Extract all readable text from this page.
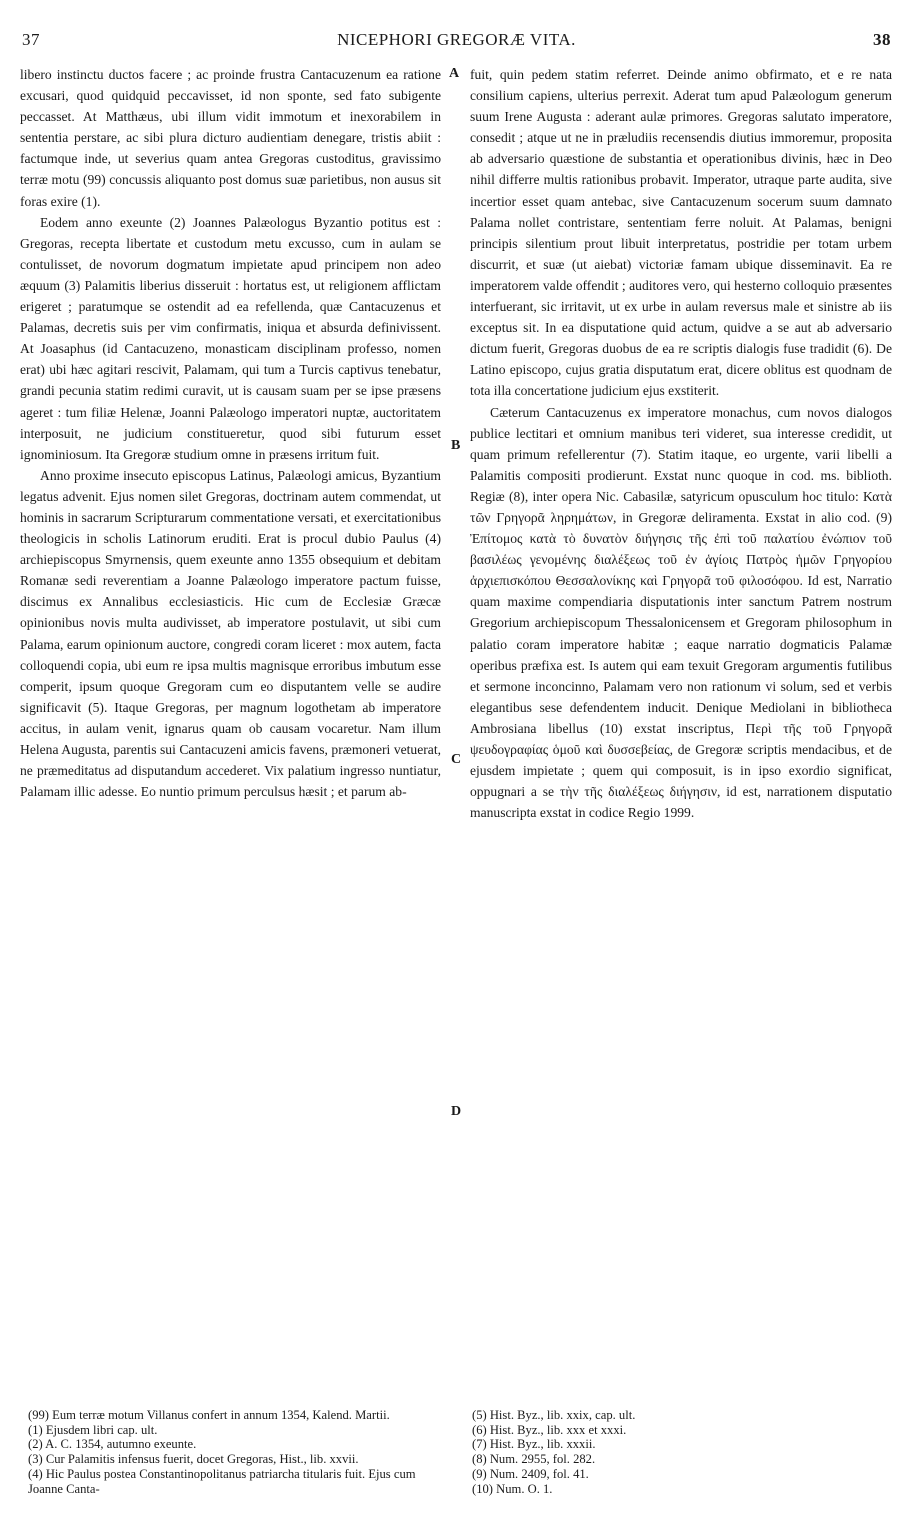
37	NICEPHORI GREGORÆ VITA.	38
A
B
C
D

libero instinctu ductos facere ; ac proinde frustra Cantacuzenum ea ratione excusari, quod quidquid peccavisset, id non sponte, sed fato subigente peccasset. At Matthæus, ubi illum vidit immotum et inexorabilem in sententia perstare, ac sibi plura dicturo audientiam denegare, tristis abiit : factumque inde, ut severius quam antea Gregoras custoditus, gravissimo terræ motu (99) concussis aliquanto post domus suæ parietibus, non ausus sit foras exire (1).

Eodem anno exeunte (2) Joannes Palæologus Byzantio potitus est : Gregoras, recepta libertate et custodum metu excusso, cum in aulam se contulisset, de novorum dogmatum impietate apud principem non adeo æquum (3) Palamitis liberius disseruit : hortatus est, ut religionem afflictam erigeret ; paratumque se ostendit ad ea refellenda, quæ Cantacuzenus et Palamas, decretis suis per vim confirmatis, iniqua et absurda definivissent. At Joasaphus (id Cantacuzeno, monasticam disciplinam professo, nomen erat) ubi hæc agitari rescivit, Palamam, qui tum a Turcis captivus tenebatur, grandi pecunia statim redimi curavit, ut is causam suam per se ipse præsens ageret : tum filiæ Helenæ, Joanni Palæologo imperatori nuptæ, auctoritatem interposuit, ne judicium constitueretur, quod sibi futurum esset ignominiosum. Ita Gregoræ studium omne in præsens irritum fuit.

Anno proxime insecuto episcopus Latinus, Palæologi amicus, Byzantium legatus advenit. Ejus nomen silet Gregoras, doctrinam autem commendat, ut hominis in sacrarum Scripturarum commentatione versati, et exercitationibus theologicis in scholis Latinorum eruditi. Erat is procul dubio Paulus (4) archiepiscopus Smyrnensis, quem exeunte anno 1355 obsequium et debitam Romanæ sedi reverentiam a Joanne Palæologo imperatore pactum fuisse, discimus ex Annalibus ecclesiasticis. Hic cum de Ecclesiæ Græcæ opinionibus novis multa audivisset, ab imperatore postulavit, ut sibi cum Palama, earum opinionum auctore, congredi coram liceret : mox autem, facta colloquendi copia, ubi eum re ipsa multis magnisque erroribus imbutum esse comperit, ipsum quoque Gregoram cum eo disputantem velle se audire significavit (5). Itaque Gregoras, per magnum logothetam ab imperatore accitus, in aulam venit, ignarus quam ob causam vocaretur. Nam illum Helena Augusta, parentis sui Cantacuzeni amicis favens, præmoneri vetuerat, ne præmeditatus ad disputandum accederet. Vix palatium ingresso nuntiatur, Palamam illic adesse. Eo nuntio primum perculsus hæsit ; et parum ab-

fuit, quin pedem statim referret. Deinde animo obfirmato, et e re nata consilium capiens, ulterius perrexit. Aderat tum apud Palæologum generum suum Irene Augusta : aderant aulæ primores. Gregoras salutato imperatore, consedit ; atque ut ne in præludiis recensendis diutius immoremur, proposita ab adversario quæstione de substantia et operationibus divinis, hæc in Deo nihil differre multis rationibus probavit. Imperator, utraque parte audita, sive incertior esset quam antebac, sive Cantacuzenum socerum suum damnato Palama nollet contristare, sententiam ferre noluit. At Palamas, benigni principis silentium prout libuit interpretatus, postridie per totam urbem discurrit, et suæ (ut aiebat) victoriæ famam ubique disseminavit. Ea re imperatorem valde offendit ; auditores vero, qui hesterno colloquio præsentes interfuerant, sic irritavit, ut ex urbe in aulam reversus male et sinistre ab iis exceptus sit. In ea disputatione quid actum, quidve a se aut ab adversario dictum fuerit, Gregoras duobus de ea re scriptis dialogis fuse tradidit (6). De Latino episcopo, cujus gratia disputatum erat, dicere oblitus est quodnam de tota illa concertatione judicium ejus exstiterit.

Cæterum Cantacuzenus ex imperatore monachus, cum novos dialogos publice lectitari et omnium manibus teri videret, sua interesse credidit, ut quam primum refellerentur (7). Statim itaque, eo urgente, varii libelli a Palamitis compositi prodierunt. Exstat nunc quoque in cod. ms. biblioth. Regiæ (8), inter opera Nic. Cabasilæ, satyricum opusculum hoc titulo: Κατὰ τῶν Γρηγορᾶ ληρημάτων, in Gregoræ deliramenta. Exstat in alio cod. (9) Ἐπίτομος κατὰ τὸ δυνατὸν διήγησις τῆς ἐπὶ τοῦ παλατίου ἐνώπιον τοῦ βασιλέως γενομένης διαλέξεως τοῦ ἐν ἁγίοις Πατρὸς ἡμῶν Γρηγορίου ἀρχιεπισκόπου Θεσσαλονίκης καὶ Γρηγορᾶ τοῦ φιλοσόφου. Id est, Narratio quam maxime compendiaria disputationis inter sanctum Patrem nostrum Gregorium archiepiscopum Thessalonicensem et Gregoram philosophum in palatio coram imperatore habitæ ; eaque narratio dogmaticis Palamæ operibus præfixa est. Is autem qui eam texuit Gregoram argumentis futilibus et sermone inconcinno, Palamam vero non rationum vi solum, sed et verbis elegantibus sese defendentem inducit. Denique Mediolani in bibliotheca Ambrosiana libellus (10) exstat inscriptus, Περὶ τῆς τοῦ Γρηγορᾶ ψευδογραφίας ὁμοῦ καὶ δυσσεβείας, de Gregoræ scriptis mendacibus, et de ejusdem impietate ; quem qui composuit, is in ipso exordio significat, oppugnari a se τὴν τῆς διαλέξεως διήγησιν, id est, narrationem disputatio manuscripta exstat in codice Regio 1999.

(99) Eum terræ motum Villanus confert in annum 1354, Kalend. Martii.
(1) Ejusdem libri cap. ult.
(2) A. C. 1354, autumno exeunte.
(3) Cur Palamitis infensus fuerit, docet Gregoras, Hist., lib. xxvii.
(4) Hic Paulus postea Constantinopolitanus patriarcha titularis fuit. Ejus cum Joanne Canta-
(5) Hist. Byz., lib. xxix, cap. ult.
(6) Hist. Byz., lib. xxx et xxxi.
(7) Hist. Byz., lib. xxxii.
(8) Num. 2955, fol. 282.
(9) Num. 2409, fol. 41.
(10) Num. O. 1.
